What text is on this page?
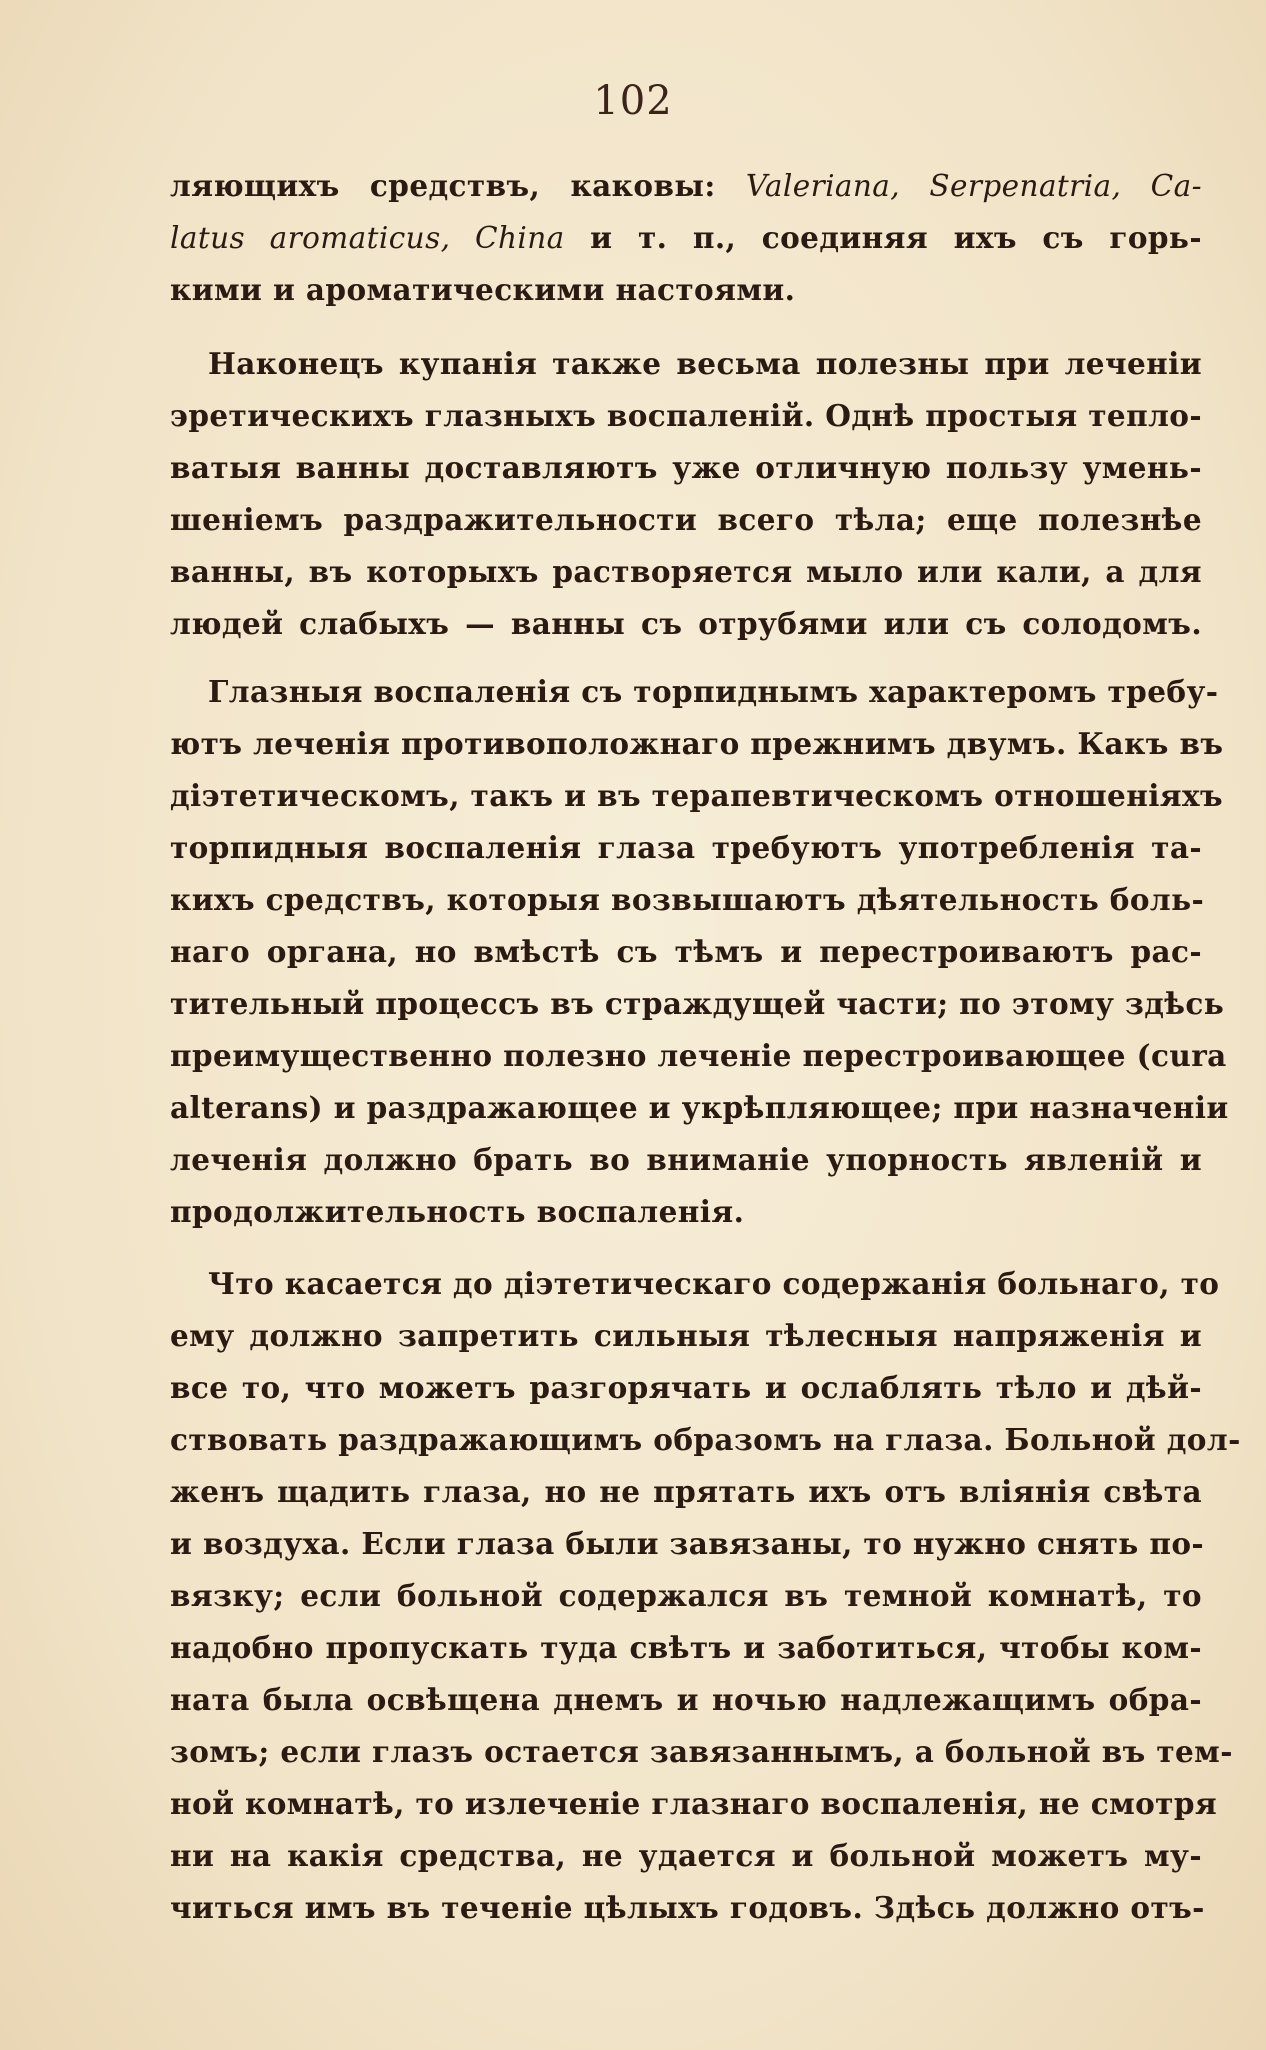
102
ляющихъ средствъ, каковы: Valeriana, Serpenatria, Ca-
latus aromaticus, China и т. п., соединяя ихъ съ горь-
кими и ароматическими настоями.
Наконецъ купанія также весьма полезны при леченіи
эретическихъ глазныхъ воспаленій. Однѣ простыя тепло-
ватыя ванны доставляютъ уже отличную пользу умень-
шеніемъ раздражительности всего тѣла; еще полезнѣе
ванны, въ которыхъ растворяется мыло или кали, а для
людей слабыхъ — ванны съ отрубями или съ солодомъ.
Глазныя воспаленія съ торпиднымъ характеромъ требу-
ютъ леченія противоположнаго прежнимъ двумъ. Какъ въ
діэтетическомъ, такъ и въ терапевтическомъ отношеніяхъ
торпидныя воспаленія глаза требуютъ употребленія та-
кихъ средствъ, которыя возвышаютъ дѣятельность боль-
наго органа, но вмѣстѣ съ тѣмъ и перестроиваютъ рас-
тительный процессъ въ страждущей части; по этому здѣсь
преимущественно полезно леченіе перестроивающее (cura
alterans) и раздражающее и укрѣпляющее; при назначеніи
леченія должно брать во вниманіе упорность явленій и
продолжительность воспаленія.
Что касается до діэтетическаго содержанія больнаго, то
ему должно запретить сильныя тѣлесныя напряженія и
все то, что можетъ разгорячать и ослаблять тѣло и дѣй-
ствовать раздражающимъ образомъ на глаза. Больной дол-
женъ щадить глаза, но не прятать ихъ отъ вліянія свѣта
и воздуха. Если глаза были завязаны, то нужно снять по-
вязку; если больной содержался въ темной комнатѣ, то
надобно пропускать туда свѣтъ и заботиться, чтобы ком-
ната была освѣщена днемъ и ночью надлежащимъ обра-
зомъ; если глазъ остается завязаннымъ, а больной въ тем-
ной комнатѣ, то излеченіе глазнаго воспаленія, не смотря
ни на какія средства, не удается и больной можетъ му-
читься имъ въ теченіе цѣлыхъ годовъ. Здѣсь должно отъ-
